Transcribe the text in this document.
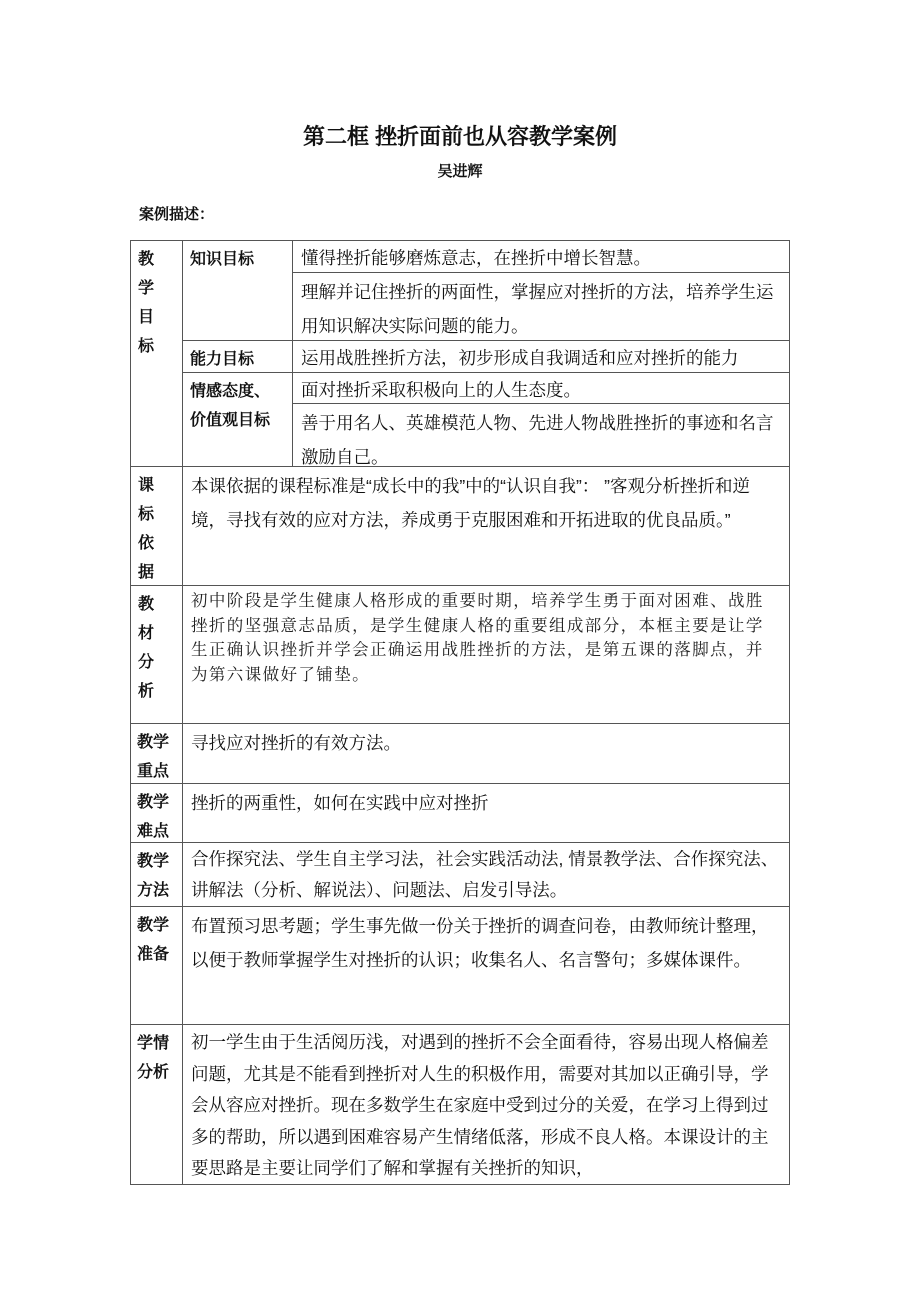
第二框 挫折面前也从容教学案例
吴进辉
案例描述：
教学目标
知识目标	懂得挫折能够磨炼意志，在挫折中增长智慧。
理解并记住挫折的两面性，掌握应对挫折的方法，培养学生运用知识解决实际问题的能力。
能力目标	运用战胜挫折方法，初步形成自我调适和应对挫折的能力
情感态度、价值观目标
面对挫折采取积极向上的人生态度。
善于用名人、英雄模范人物、先进人物战胜挫折的事迹和名言激励自己。
课标依据
本课依据的课程标准是“成长中的我”中的“认识自我”： ”客观分析挫折和逆境，寻找有效的应对方法，养成勇于克服困难和开拓进取的优良品质。”
教材分析
初中阶段是学生健康人格形成的重要时期，培养学生勇于面对困难、战胜挫折的坚强意志品质，是学生健康人格的重要组成部分，本框主要是让学生正确认识挫折并学会正确运用战胜挫折的方法，是第五课的落脚点，并为第六课做好了铺垫。
教学重点
寻找应对挫折的有效方法。
教学难点
挫折的两重性，如何在实践中应对挫折
教学方法
合作探究法、学生自主学习法，社会实践活动法, 情景教学法、合作探究法、讲解法（分析、解说法）、问题法、启发引导法。
教学准备
布置预习思考题；学生事先做一份关于挫折的调查问卷，由教师统计整理，以便于教师掌握学生对挫折的认识；收集名人、名言警句；多媒体课件。
学情分析
初一学生由于生活阅历浅，对遇到的挫折不会全面看待，容易出现人格偏差问题，尤其是不能看到挫折对人生的积极作用，需要对其加以正确引导，学会从容应对挫折。现在多数学生在家庭中受到过分的关爱，在学习上得到过多的帮助，所以遇到困难容易产生情绪低落，形成不良人格。本课设计的主要思路是主要让同学们了解和掌握有关挫折的知识，
